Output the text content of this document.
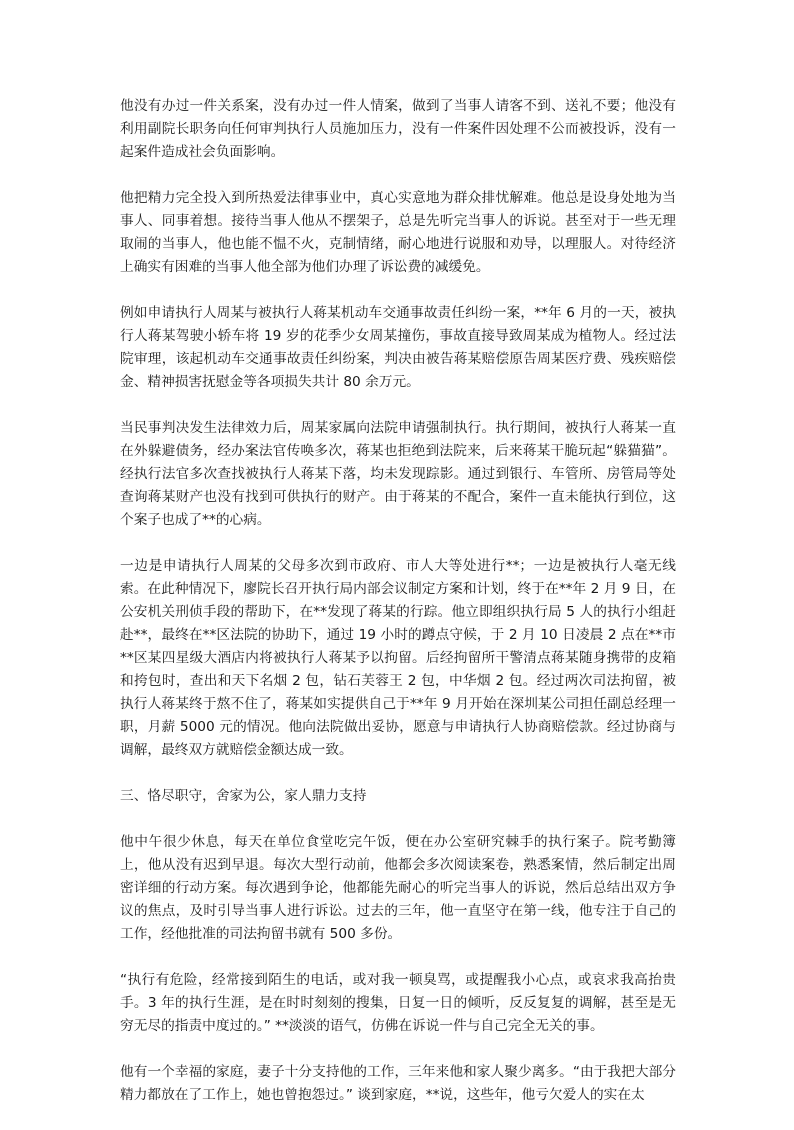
他没有办过一件关系案，没有办过一件人情案，做到了当事人请客不到、送礼不要；他没有利用副院长职务向任何审判执行人员施加压力，没有一件案件因处理不公而被投诉，没有一起案件造成社会负面影响。

他把精力完全投入到所热爱法律事业中，真心实意地为群众排忧解难。他总是设身处地为当事人、同事着想。接待当事人他从不摆架子，总是先听完当事人的诉说。甚至对于一些无理取闹的当事人，他也能不愠不火，克制情绪，耐心地进行说服和劝导，以理服人。对待经济上确实有困难的当事人他全部为他们办理了诉讼费的减缓免。

例如申请执行人周某与被执行人蒋某机动车交通事故责任纠纷一案，**年 6 月的一天，被执行人蒋某驾驶小轿车将 19 岁的花季少女周某撞伤，事故直接导致周某成为植物人。经过法院审理，该起机动车交通事故责任纠纷案，判决由被告蒋某赔偿原告周某医疗费、残疾赔偿金、精神损害抚慰金等各项损失共计 80 余万元。

当民事判决发生法律效力后，周某家属向法院申请强制执行。执行期间，被执行人蒋某一直在外躲避债务，经办案法官传唤多次，蒋某也拒绝到法院来，后来蒋某干脆玩起“躲猫猫”。经执行法官多次查找被执行人蒋某下落，均未发现踪影。通过到银行、车管所、房管局等处查询蒋某财产也没有找到可供执行的财产。由于蒋某的不配合，案件一直未能执行到位，这个案子也成了**的心病。

一边是申请执行人周某的父母多次到市政府、市人大等处进行**；一边是被执行人毫无线索。在此种情况下，廖院长召开执行局内部会议制定方案和计划，终于在**年 2 月 9 日，在公安机关刑侦手段的帮助下，在**发现了蒋某的行踪。他立即组织执行局 5 人的执行小组赶赴**，最终在**区法院的协助下，通过 19 小时的蹲点守候，于 2 月 10 日凌晨 2 点在**市**区某四星级大酒店内将被执行人蒋某予以拘留。后经拘留所干警清点蒋某随身携带的皮箱和挎包时，查出和天下名烟 2 包，钻石芙蓉王 2 包，中华烟 2 包。经过两次司法拘留，被执行人蒋某终于熬不住了，蒋某如实提供自己于**年 9 月开始在深圳某公司担任副总经理一职，月薪 5000 元的情况。他向法院做出妥协，愿意与申请执行人协商赔偿款。经过协商与调解，最终双方就赔偿金额达成一致。

三、恪尽职守，舍家为公，家人鼎力支持

他中午很少休息，每天在单位食堂吃完午饭，便在办公室研究棘手的执行案子。院考勤簿上，他从没有迟到早退。每次大型行动前，他都会多次阅读案卷，熟悉案情，然后制定出周密详细的行动方案。每次遇到争论，他都能先耐心的听完当事人的诉说，然后总结出双方争议的焦点，及时引导当事人进行诉讼。过去的三年，他一直坚守在第一线，他专注于自己的工作，经他批准的司法拘留书就有 500 多份。

“执行有危险，经常接到陌生的电话，或对我一顿臭骂，或提醒我小心点，或哀求我高抬贵手。3 年的执行生涯，是在时时刻刻的搜集，日复一日的倾听，反反复复的调解，甚至是无穷无尽的指责中度过的。” **淡淡的语气，仿佛在诉说一件与自己完全无关的事。

他有一个幸福的家庭，妻子十分支持他的工作，三年来他和家人聚少离多。“由于我把大部分精力都放在了工作上，她也曾抱怨过。” 谈到家庭，**说，这些年，他亏欠爱人的实在太
